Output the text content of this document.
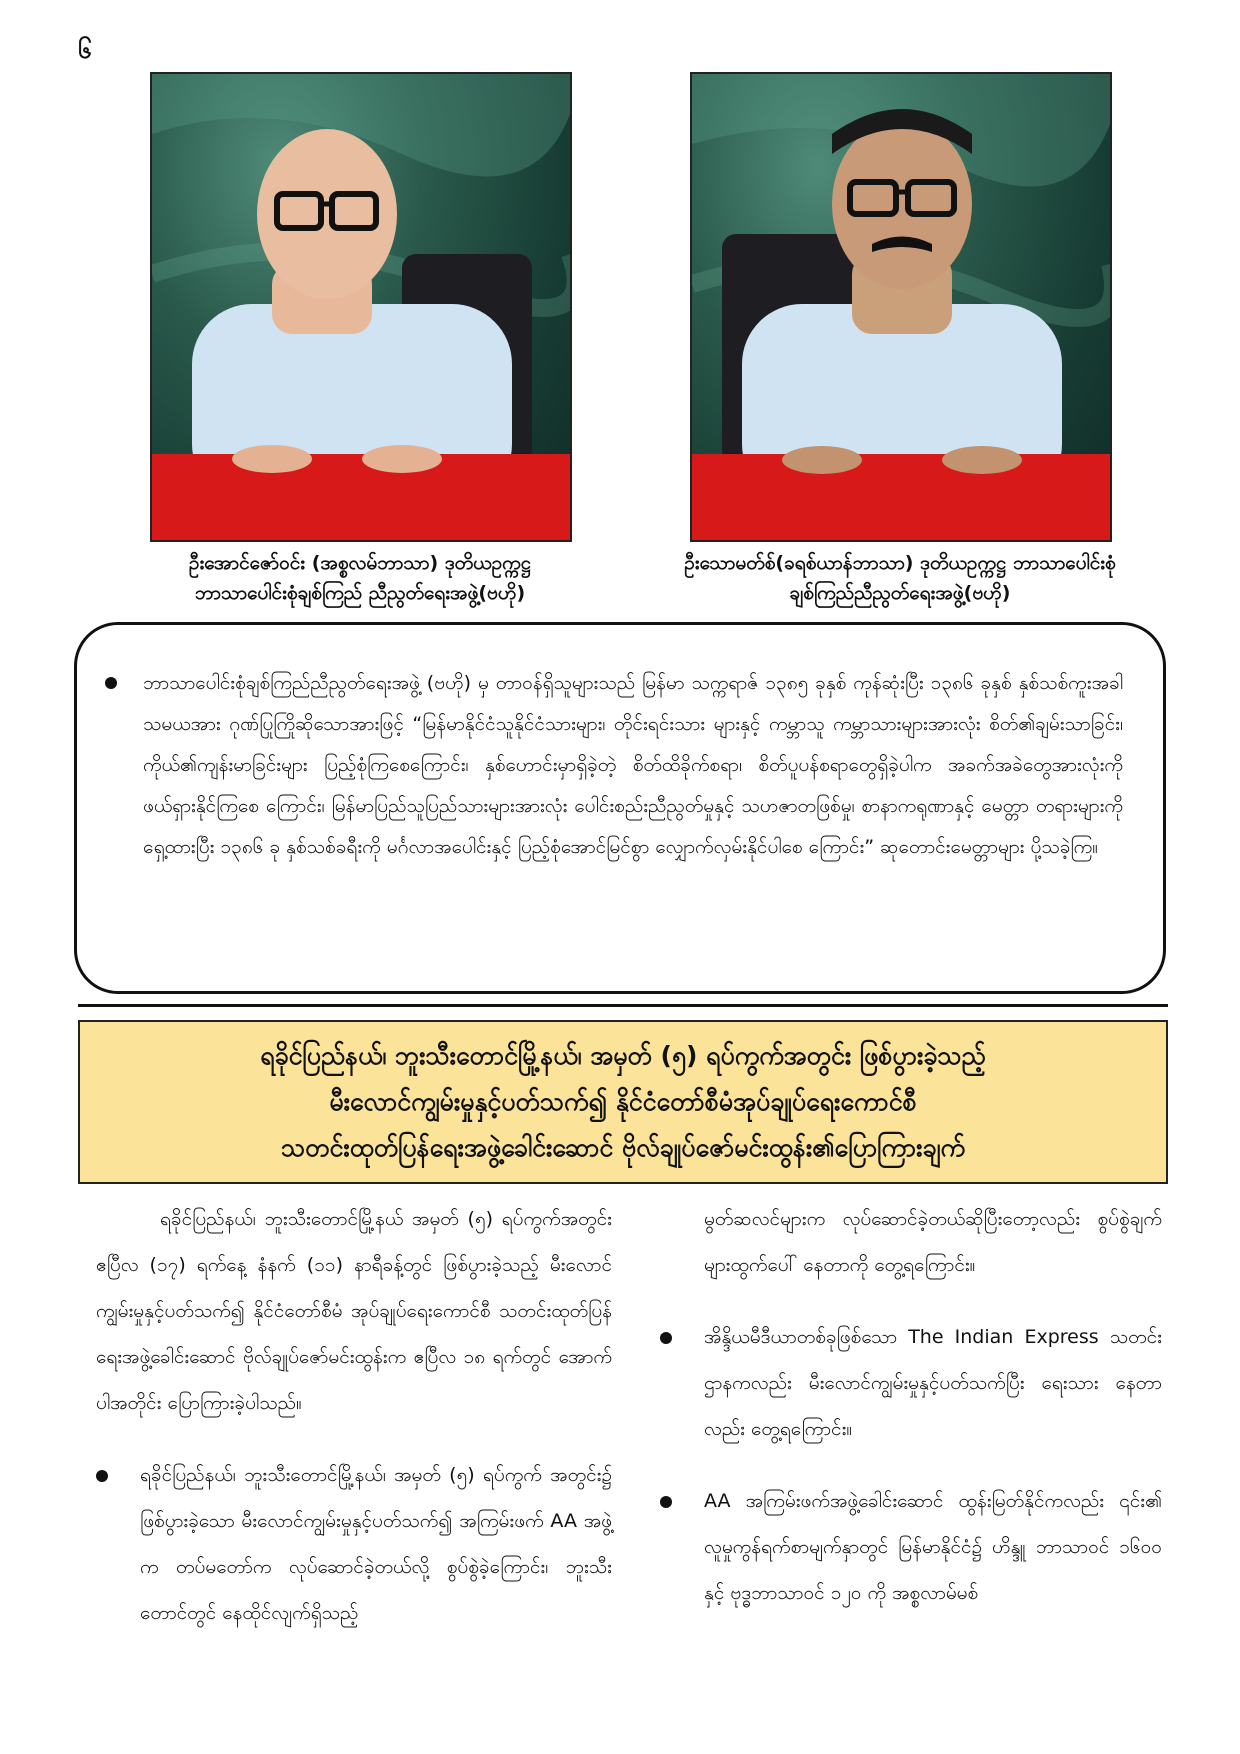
၆
ဦးအောင်ဇော်ဝင်း (အစ္စလမ်ဘာသာ) ဒုတိယဥက္ကဋ္ဌ
ဘာသာပေါင်းစုံချစ်ကြည် ညီညွတ်ရေးအဖွဲ့(ဗဟို)
ဦးသောမတ်စ်(ခရစ်ယာန်ဘာသာ) ဒုတိယဥက္ကဋ္ဌ ဘာသာပေါင်းစုံ
ချစ်ကြည်ညီညွတ်ရေးအဖွဲ့(ဗဟို)
ဘာသာပေါင်းစုံချစ်ကြည်ညီညွတ်ရေးအဖွဲ့ (ဗဟို) မှ တာဝန်ရှိသူများသည် မြန်မာ သက္ကရာဇ် ၁၃၈၅ ခုနှစ် ကုန်ဆုံးပြီး ၁၃၈၆ ခုနှစ် နှစ်သစ်ကူးအခါသမယအား ဂုဏ်ပြုကြိုဆိုသောအားဖြင့် “မြန်မာနိုင်ငံသူနိုင်ငံသားများ၊ တိုင်းရင်းသား များနှင့် ကမ္ဘာသူ ကမ္ဘာသားများအားလုံး စိတ်၏ချမ်းသာခြင်း၊ ကိုယ်၏ကျန်းမာခြင်းများ ပြည့်စုံကြစေကြောင်း၊ နှစ်ဟောင်းမှာရှိခဲ့တဲ့ စိတ်ထိခိုက်စရာ၊ စိတ်ပူပန်စရာတွေရှိခဲ့ပါက အခက်အခဲတွေအားလုံးကို ဖယ်ရှားနိုင်ကြစေ ကြောင်း၊ မြန်မာပြည်သူပြည်သားများအားလုံး ပေါင်းစည်းညီညွတ်မှုနှင့် သဟဇာတဖြစ်မှု၊ စာနာကရုဏာနှင့် မေတ္တာ တရားများကို ရှေ့ထားပြီး ၁၃၈၆ ခု နှစ်သစ်ခရီးကို မင်္ဂလာအပေါင်းနှင့် ပြည့်စုံအောင်မြင်စွာ လျှောက်လှမ်းနိုင်ပါစေ ကြောင်း” ဆုတောင်းမေတ္တာများ ပို့သခဲ့ကြ။
ရခိုင်ပြည်နယ်၊ ဘူးသီးတောင်မြို့နယ်၊ အမှတ် (၅) ရပ်ကွက်အတွင်း ဖြစ်ပွားခဲ့သည့်
မီးလောင်ကျွမ်းမှုနှင့်ပတ်သက်၍ နိုင်ငံတော်စီမံအုပ်ချုပ်ရေးကောင်စီ
သတင်းထုတ်ပြန်ရေးအဖွဲ့ခေါင်းဆောင် ဗိုလ်ချုပ်ဇော်မင်းထွန်း၏ပြောကြားချက်

ရခိုင်ပြည်နယ်၊ ဘူးသီးတောင်မြို့နယ် အမှတ် (၅) ရပ်ကွက်အတွင်း ဧပြီလ (၁၇) ရက်နေ့ နံနက် (၁၁) နာရီခန့်တွင် ဖြစ်ပွားခဲ့သည့် မီးလောင်ကျွမ်းမှုနှင့်ပတ်သက်၍ နိုင်ငံတော်စီမံ အုပ်ချုပ်ရေးကောင်စီ သတင်းထုတ်ပြန်ရေးအဖွဲ့ခေါင်းဆောင် ဗိုလ်ချုပ်ဇော်မင်းထွန်းက ဧပြီလ ၁၈ ရက်တွင် အောက်ပါအတိုင်း ပြောကြားခဲ့ပါသည်။

ရခိုင်ပြည်နယ်၊ ဘူးသီးတောင်မြို့နယ်၊ အမှတ် (၅) ရပ်ကွက် အတွင်း၌ ဖြစ်ပွားခဲ့သော မီးလောင်ကျွမ်းမှုနှင့်ပတ်သက်၍ အကြမ်းဖက် AA အဖွဲ့က တပ်မတော်က လုပ်ဆောင်ခဲ့တယ်လို့ စွပ်စွဲခဲ့ကြောင်း၊ ဘူးသီးတောင်တွင် နေထိုင်လျက်ရှိသည့်

မွတ်ဆလင်များက လုပ်ဆောင်ခဲ့တယ်ဆိုပြီးတော့လည်း စွပ်စွဲချက်များထွက်ပေါ် နေတာကို တွေ့ရကြောင်း။

အိန္ဒိယမီဒီယာတစ်ခုဖြစ်သော The Indian Express သတင်း ဌာနကလည်း မီးလောင်ကျွမ်းမှုနှင့်ပတ်သက်ပြီး ရေးသား နေတာလည်း တွေ့ရကြောင်း။

AA အကြမ်းဖက်အဖွဲ့ခေါင်းဆောင် ထွန်းမြတ်နိုင်ကလည်း ၎င်း၏ လူမှုကွန်ရက်စာမျက်နှာတွင် မြန်မာနိုင်ငံ၌ ဟိန္ဒူ ဘာသာဝင် ၁၆၀၀ နှင့် ဗုဒ္ဓဘာသာဝင် ၁၂၀ ကို အစ္စလာမ်မစ်
